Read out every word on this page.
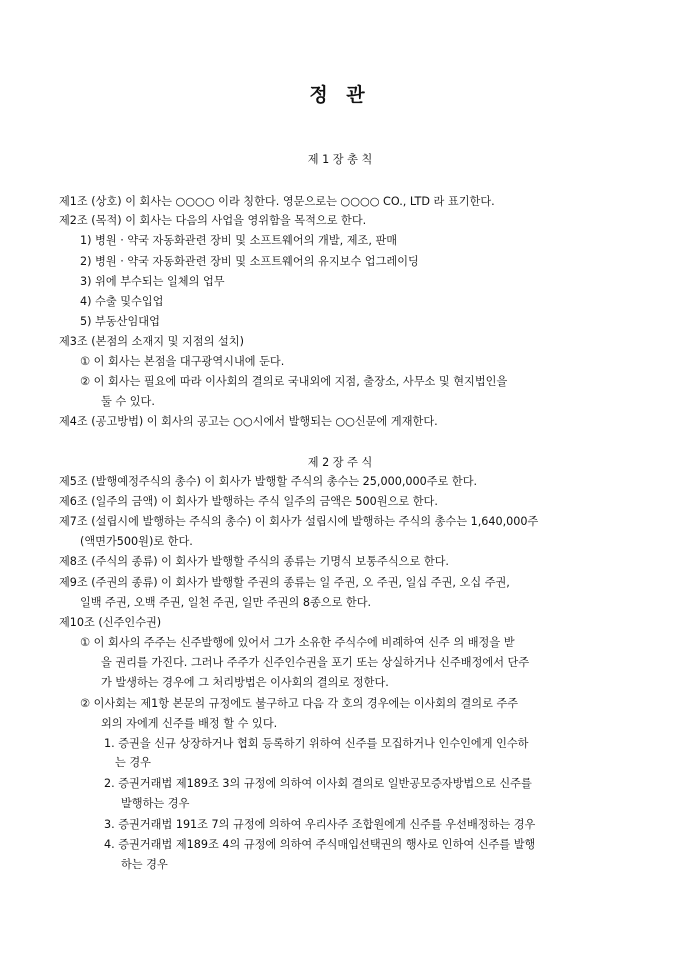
정 관
제 1 장 총 칙
제1조 (상호) 이 회사는 ○○○○ 이라 칭한다. 영문으로는 ○○○○ CO., LTD 라 표기한다.
제2조 (목적) 이 회사는 다음의 사업을 영위함을 목적으로 한다.
1) 병원 · 약국 자동화관련 장비 및 소프트웨어의 개발, 제조, 판매
2) 병원 · 약국 자동화관련 장비 및 소프트웨어의 유지보수 업그레이딩
3) 위에 부수되는 일체의 업무
4) 수출 및수입업
5) 부동산임대업
제3조 (본점의 소재지 및 지점의 설치)
① 이 회사는 본점을 대구광역시내에 둔다.
② 이 회사는 필요에 따라 이사회의 결의로 국내외에 지점, 출장소, 사무소 및 현지법인을
둘 수 있다.
제4조 (공고방법) 이 회사의 공고는 ○○시에서 발행되는 ○○신문에 게재한다.
제 2 장 주 식
제5조 (발행예정주식의 총수) 이 회사가 발행할 주식의 총수는 25,000,000주로 한다.
제6조 (일주의 금액) 이 회사가 발행하는 주식 일주의 금액은 500원으로 한다.
제7조 (설립시에 발행하는 주식의 총수) 이 회사가 설립시에 발행하는 주식의 총수는 1,640,000주
(액면가500원)로 한다.
제8조 (주식의 종류) 이 회사가 발행할 주식의 종류는 기명식 보통주식으로 한다.
제9조 (주권의 종류) 이 회사가 발행할 주권의 종류는 일 주권, 오 주권, 일십 주권, 오십 주권,
일백 주권, 오백 주권, 일천 주권, 일만 주권의 8종으로 한다.
제10조 (신주인수권)
① 이 회사의 주주는 신주발행에 있어서 그가 소유한 주식수에 비례하여 신주 의 배정을 받
을 권리를 가진다. 그러나 주주가 신주인수권을 포기 또는 상실하거나 신주배정에서 단주
가 발생하는 경우에 그 처리방법은 이사회의 결의로 정한다.
② 이사회는 제1항 본문의 규정에도 불구하고 다음 각 호의 경우에는 이사회의 결의로 주주
외의 자에게 신주를 배정 할 수 있다.
1. 증권을 신규 상장하거나 협회 등록하기 위하여 신주를 모집하거나 인수인에게 인수하
는 경우
2. 증권거래법 제189조 3의 규정에 의하여 이사회 결의로 일반공모증자방법으로 신주를
발행하는 경우
3. 증권거래법 191조 7의 규정에 의하여 우리사주 조합원에게 신주를 우선배정하는 경우
4. 증권거래법 제189조 4의 규정에 의하여 주식매입선택권의 행사로 인하여 신주를 발행
하는 경우
